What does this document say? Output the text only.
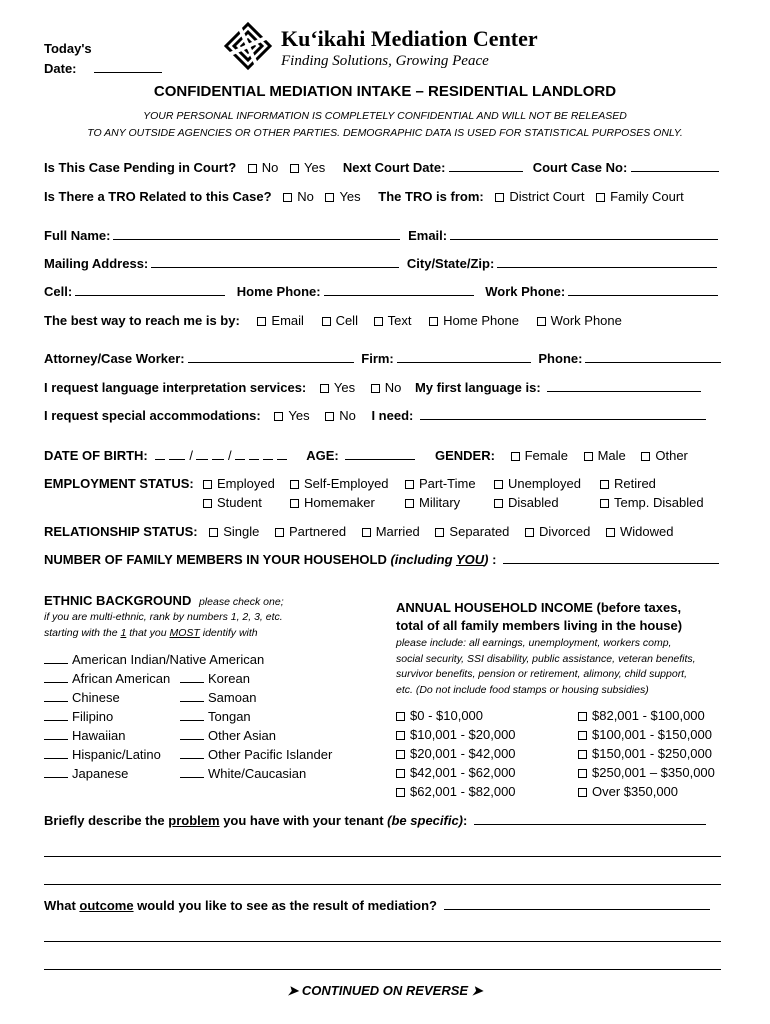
Today's
Date:
Kuʻikahi Mediation Center
Finding Solutions, Growing Peace
CONFIDENTIAL MEDIATION INTAKE – RESIDENTIAL LANDLORD
YOUR PERSONAL INFORMATION IS COMPLETELY CONFIDENTIAL AND WILL NOT BE RELEASED
TO ANY OUTSIDE AGENCIES OR OTHER PARTIES. DEMOGRAPHIC DATA IS USED FOR STATISTICAL PURPOSES ONLY.
Is This Case Pending in Court? No Yes Next Court Date:	Court Case No:
Is There a TRO Related to this Case? No Yes The TRO is from: District Court Family Court
Full Name:	Email:
Mailing Address:	City/State/Zip:
Cell:	Home Phone:	Work Phone:
The best way to reach me is by: Email Cell Text Home Phone Work Phone
Attorney/Case Worker:	Firm:	Phone:
I request language interpretation services: Yes No My first language is:
I request special accommodations: Yes No I need:
DATE OF BIRTH:	/	/	AGE:	GENDER: Female Male Other
EMPLOYMENT STATUS:	Employed	Self-Employed	Part-Time	Unemployed	Retired
Student	Homemaker	Military	Disabled	Temp. Disabled
RELATIONSHIP STATUS: Single Partnered Married Separated Divorced Widowed
NUMBER OF FAMILY MEMBERS IN YOUR HOUSEHOLD (including YOU) :
ETHNIC BACKGROUND please check one;
if you are multi-ethnic, rank by numbers 1, 2, 3, etc.
starting with the 1 that you MOST identify with
American Indian/Native American
African American
Chinese
Filipino
Hawaiian
Hispanic/Latino
Japanese
Korean
Samoan
Tongan
Other Asian
Other Pacific Islander
White/Caucasian
ANNUAL HOUSEHOLD INCOME (before taxes,
total of all family members living in the house)
please include: all earnings, unemployment, workers comp,
social security, SSI disability, public assistance, veteran benefits,
survivor benefits, pension or retirement, alimony, child support,
etc. (Do not include food stamps or housing subsidies)
$0 - $10,000
$10,001 - $20,000
$20,001 - $42,000
$42,001 - $62,000
$62,001 - $82,000
$82,001 - $100,000
$100,001 - $150,000
$150,001 - $250,000
$250,001 – $350,000
Over $350,000
Briefly describe the problem you have with your tenant (be specific):
What outcome would you like to see as the result of mediation?
➤ CONTINUED ON REVERSE ➤
